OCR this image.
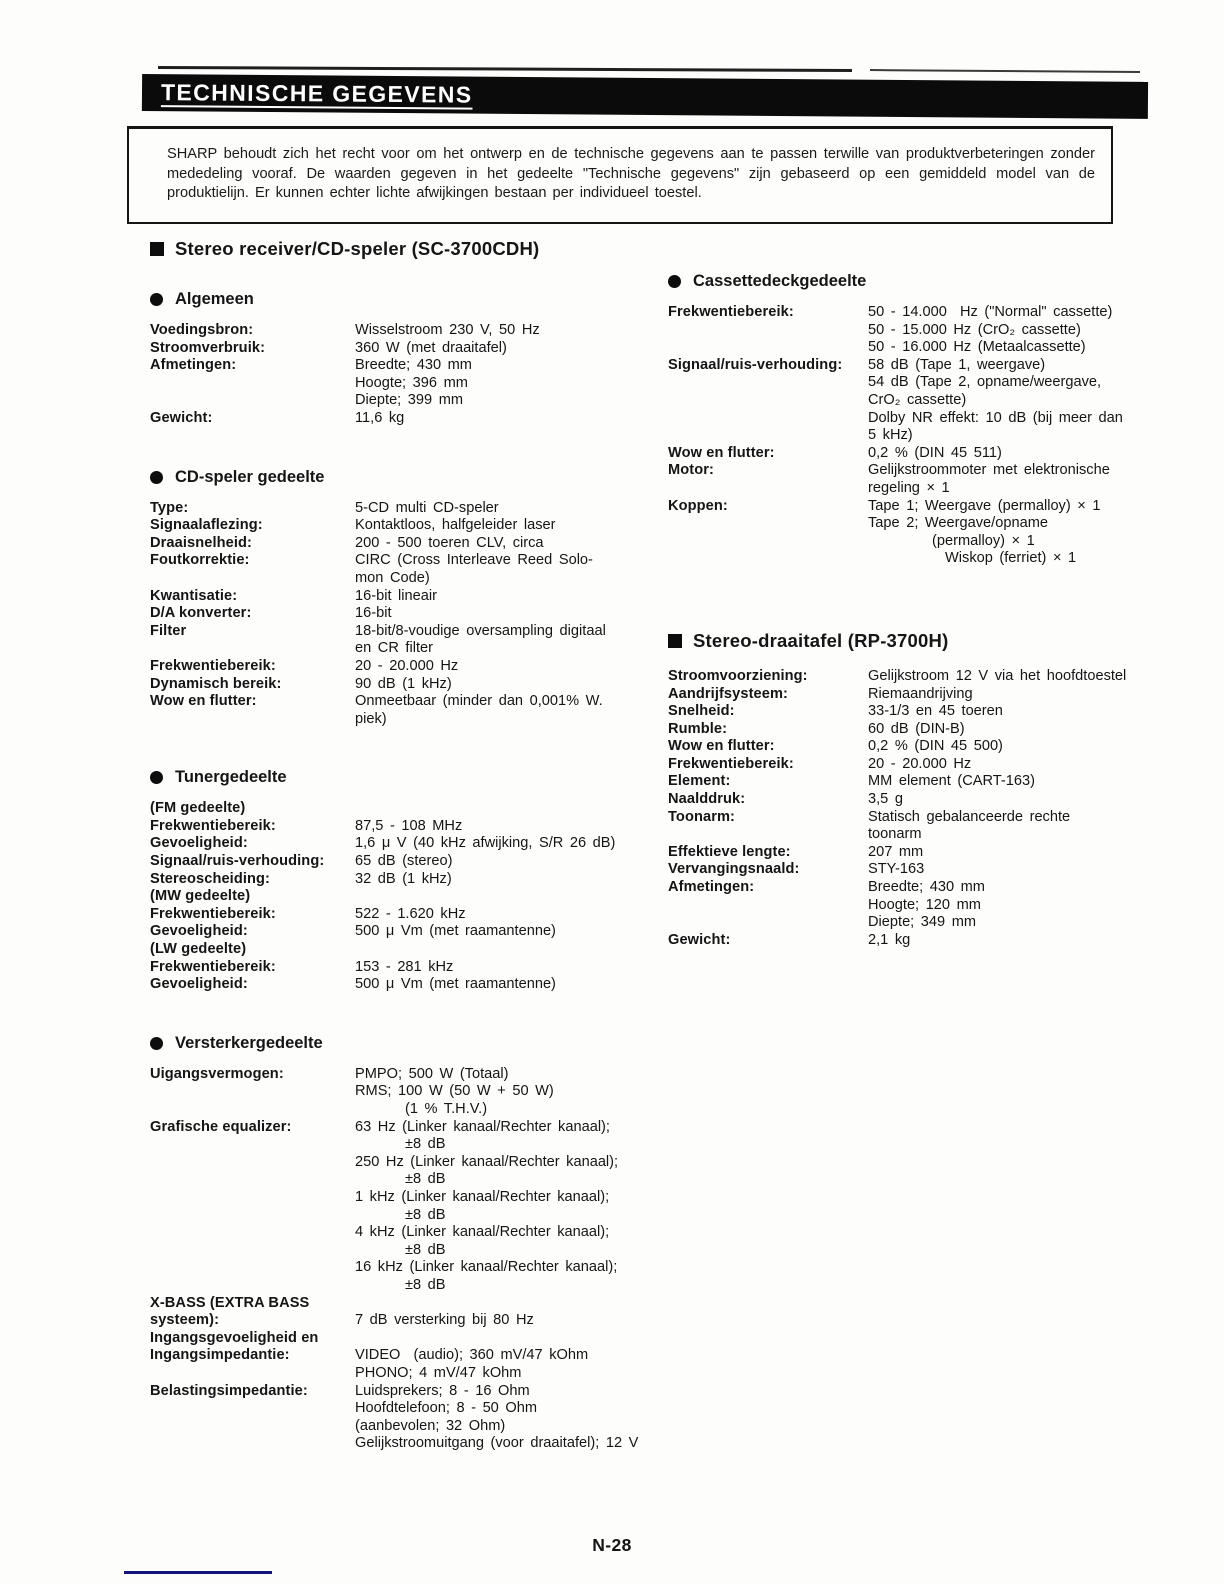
TECHNISCHE GEGEVENS
SHARP behoudt zich het recht voor om het ontwerp en de technische gegevens aan te passen terwille van produktverbeteringen zonder mededeling vooraf. De waarden gegeven in het gedeelte "Technische gegevens" zijn gebaseerd op een gemiddeld model van de produktielijn. Er kunnen echter lichte afwijkingen bestaan per individueel toestel.
Stereo receiver/CD-speler (SC-3700CDH)
Algemeen
Voedingsbron:	Wisselstroom 230 V, 50 Hz
Stroomverbruik:	360 W (met draaitafel)
Afmetingen:	Breedte; 430 mm
Hoogte; 396 mm
Diepte; 399 mm
Gewicht:	11,6 kg
CD-speler gedeelte
Type:	5-CD multi CD-speler
Signaalaflezing:	Kontaktloos, halfgeleider laser
Draaisnelheid:	200 - 500 toeren CLV, circa
Foutkorrektie:	CIRC (Cross Interleave Reed Solo-
mon Code)
Kwantisatie:	16-bit lineair
D/A konverter:	16-bit
Filter	18-bit/8-voudige oversampling digitaal
en CR filter
Frekwentiebereik:	20 - 20.000 Hz
Dynamisch bereik:	90 dB (1 kHz)
Wow en flutter:	Onmeetbaar (minder dan 0,001% W.
piek)
Tunergedeelte
(FM gedeelte)
Frekwentiebereik:	87,5 - 108 MHz
Gevoeligheid:	1,6 μ V (40 kHz afwijking, S/R 26 dB)
Signaal/ruis-verhouding:	65 dB (stereo)
Stereoscheiding:	32 dB (1 kHz)
(MW gedeelte)
Frekwentiebereik:	522 - 1.620 kHz
Gevoeligheid:	500 μ Vm (met raamantenne)
(LW gedeelte)
Frekwentiebereik:	153 - 281 kHz
Gevoeligheid:	500 μ Vm (met raamantenne)
Versterkergedeelte
Uigangsvermogen:	PMPO; 500 W (Totaal)
RMS; 100 W (50 W + 50 W)
(1 % T.H.V.)
Grafische equalizer:	63 Hz (Linker kanaal/Rechter kanaal);
±8 dB
250 Hz (Linker kanaal/Rechter kanaal);
±8 dB
1 kHz (Linker kanaal/Rechter kanaal);
±8 dB
4 kHz (Linker kanaal/Rechter kanaal);
±8 dB
16 kHz (Linker kanaal/Rechter kanaal);
±8 dB
X-BASS (EXTRA BASS
systeem):	7 dB versterking bij 80 Hz
Ingangsgevoeligheid en
Ingangsimpedantie:	VIDEO  (audio); 360 mV/47 kOhm
PHONO; 4 mV/47 kOhm
Belastingsimpedantie:	Luidsprekers; 8 - 16 Ohm
Hoofdtelefoon; 8 - 50 Ohm
(aanbevolen; 32 Ohm)
Gelijkstroomuitgang (voor draaitafel); 12 V
Cassettedeckgedeelte
Frekwentiebereik:	50 - 14.000  Hz ("Normal" cassette)
50 - 15.000 Hz (CrO₂ cassette)
50 - 16.000 Hz (Metaalcassette)
Signaal/ruis-verhouding:	58 dB (Tape 1, weergave)
54 dB (Tape 2, opname/weergave,
CrO₂ cassette)
Dolby NR effekt: 10 dB (bij meer dan
5 kHz)
Wow en flutter:	0,2 % (DIN 45 511)
Motor:	Gelijkstroommoter met elektronische
regeling × 1
Koppen:	Tape 1; Weergave (permalloy) × 1
Tape 2; Weergave/opname
(permalloy) × 1
Wiskop (ferriet) × 1
Stereo-draaitafel (RP-3700H)
Stroomvoorziening:	Gelijkstroom 12 V via het hoofdtoestel
Aandrijfsysteem:	Riemaandrijving
Snelheid:	33-1/3 en 45 toeren
Rumble:	60 dB (DIN-B)
Wow en flutter:	0,2 % (DIN 45 500)
Frekwentiebereik:	20 - 20.000 Hz
Element:	MM element (CART-163)
Naalddruk:	3,5 g
Toonarm:	Statisch gebalanceerde rechte
toonarm
Effektieve lengte:	207 mm
Vervangingsnaald:	STY-163
Afmetingen:	Breedte; 430 mm
Hoogte; 120 mm
Diepte; 349 mm
Gewicht:	2,1 kg
N-28
